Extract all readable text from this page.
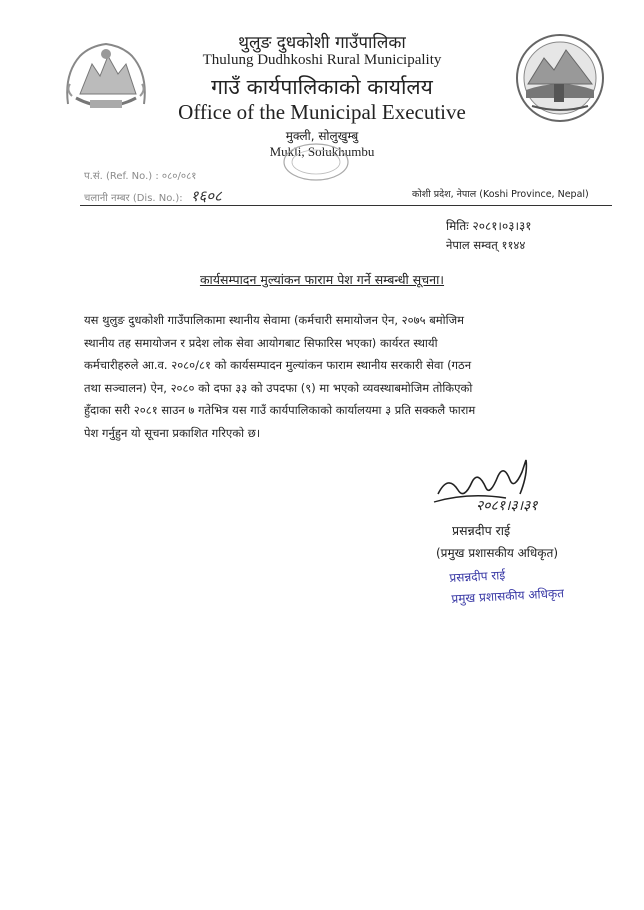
थुलुङ दुधकोशी गाउँपालिका
Thulung Dudhkoshi Rural Municipality
गाउँ कार्यपालिकाको कार्यालय
Office of the Municipal Executive
मुक्ली, सोलुखुम्बु
Mukli, Solukhumbu
प.सं. (Ref. No.) : ०८०/०८१
चलानी नम्बर (Dis. No.): १६०८	कोशी प्रदेश, नेपाल (Koshi Province, Nepal)
मितिः २०८१।०३।३१
नेपाल सम्वत् ११४४
कार्यसम्पादन मुल्यांकन फाराम पेश गर्ने सम्बन्धी सूचना।
यस थुलुङ दुधकोशी गाउँपालिकामा स्थानीय सेवामा (कर्मचारी समायोजन ऐन, २०७५ बमोजिम
स्थानीय तह समायोजन र प्रदेश लोक सेवा आयोगबाट सिफारिस भएका) कार्यरत स्थायी
कर्मचारीहरुले आ.व. २०८०/८१ को कार्यसम्पादन मुल्यांकन फाराम स्थानीय सरकारी सेवा (गठन
तथा सञ्चालन) ऐन, २०८० को दफा ३३ को उपदफा (९) मा भएको व्यवस्थाबमोजिम तोकिएको
हुँदाका सरी २०८१ साउन ७ गतेभित्र यस गाउँ कार्यपालिकाको कार्यालयमा ३ प्रति सक्कलै फाराम
पेश गर्नुहुन यो सूचना प्रकाशित गरिएको छ।
२०८१।३।३१
प्रसन्नदीप राई
(प्रमुख प्रशासकीय अधिकृत)
प्रसन्नदीप राई
प्रमुख प्रशासकीय अधिकृत
